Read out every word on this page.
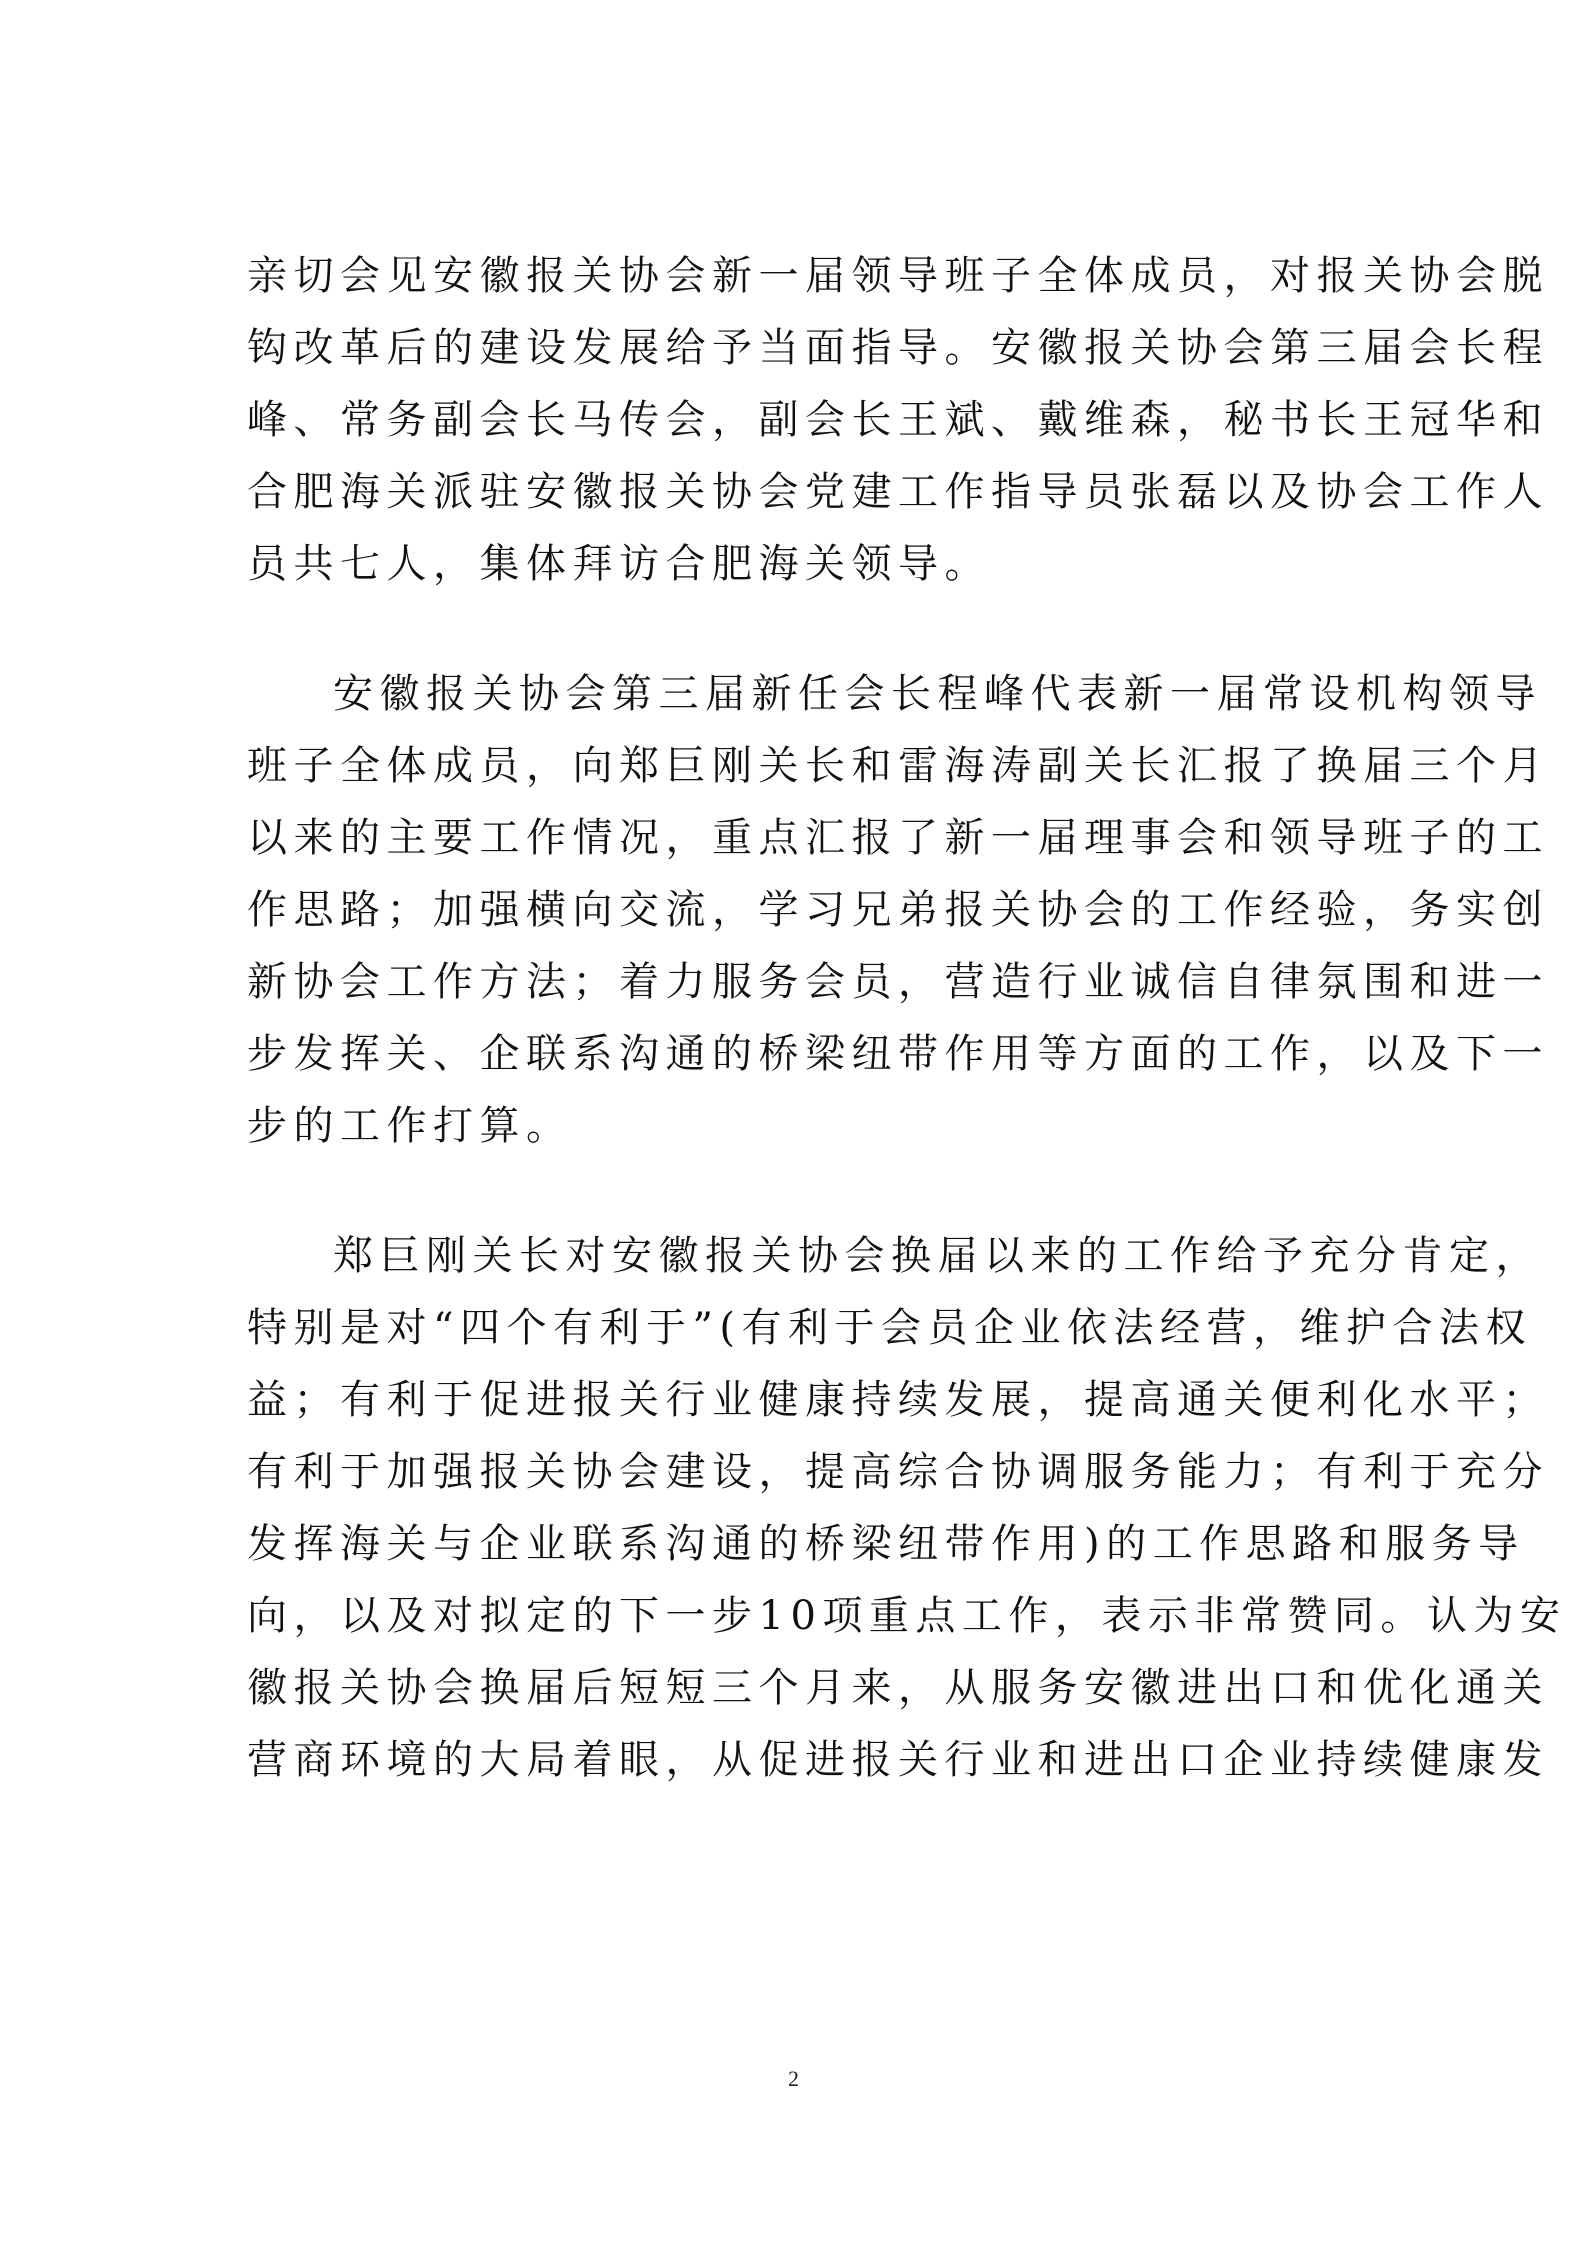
亲切会见安徽报关协会新一届领导班子全体成员，对报关协会脱
钩改革后的建设发展给予当面指导。安徽报关协会第三届会长程
峰、常务副会长马传会，副会长王斌、戴维森，秘书长王冠华和
合肥海关派驻安徽报关协会党建工作指导员张磊以及协会工作人
员共七人，集体拜访合肥海关领导。
安徽报关协会第三届新任会长程峰代表新一届常设机构领导
班子全体成员，向郑巨刚关长和雷海涛副关长汇报了换届三个月
以来的主要工作情况，重点汇报了新一届理事会和领导班子的工
作思路；加强横向交流，学习兄弟报关协会的工作经验，务实创
新协会工作方法；着力服务会员，营造行业诚信自律氛围和进一
步发挥关、企联系沟通的桥梁纽带作用等方面的工作，以及下一
步的工作打算。
郑巨刚关长对安徽报关协会换届以来的工作给予充分肯定，
特别是对“四个有利于”(有利于会员企业依法经营，维护合法权
益；有利于促进报关行业健康持续发展，提高通关便利化水平；
有利于加强报关协会建设，提高综合协调服务能力；有利于充分
发挥海关与企业联系沟通的桥梁纽带作用)的工作思路和服务导
向，以及对拟定的下一步10项重点工作，表示非常赞同。认为安
徽报关协会换届后短短三个月来，从服务安徽进出口和优化通关
营商环境的大局着眼，从促进报关行业和进出口企业持续健康发
2
